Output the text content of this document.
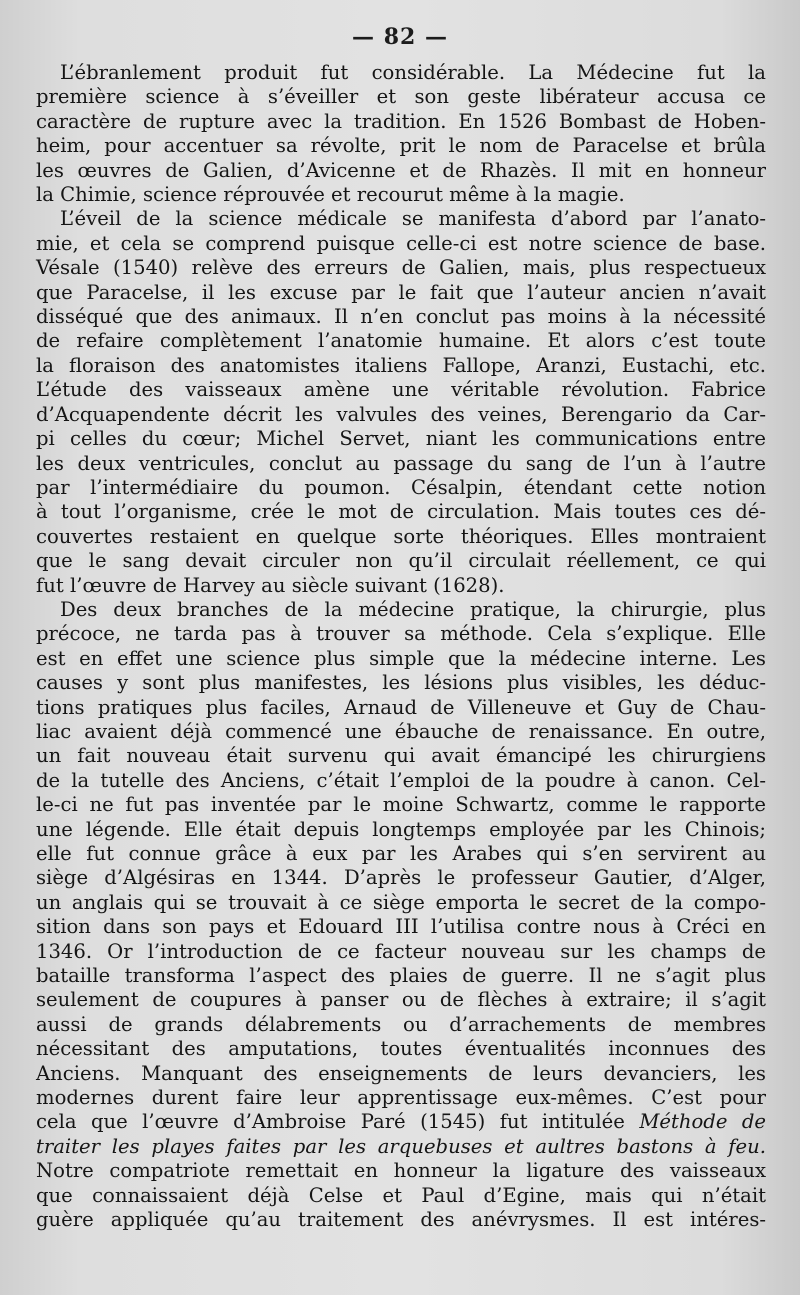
— 82 —

L’ébranlement produit fut considérable. La Médecine fut la
première science à s’éveiller et son geste libérateur accusa ce
caractère de rupture avec la tradition. En 1526 Bombast de Hoben-
heim, pour accentuer sa révolte, prit le nom de Paracelse et brûla
les œuvres de Galien, d’Avicenne et de Rhazès. Il mit en honneur
la Chimie, science réprouvée et recourut même à la magie.

L’éveil de la science médicale se manifesta d’abord par l’anato-
mie, et cela se comprend puisque celle-ci est notre science de base.
Vésale (1540) relève des erreurs de Galien, mais, plus respectueux
que Paracelse, il les excuse par le fait que l’auteur ancien n’avait
disséqué que des animaux. Il n’en conclut pas moins à la nécessité
de refaire complètement l’anatomie humaine. Et alors c’est toute
la floraison des anatomistes italiens Fallope, Aranzi, Eustachi, etc.
L’étude des vaisseaux amène une véritable révolution. Fabrice
d’Acquapendente décrit les valvules des veines, Berengario da Car-
pi celles du cœur; Michel Servet, niant les communications entre
les deux ventricules, conclut au passage du sang de l’un à l’autre
par l’intermédiaire du poumon. Césalpin, étendant cette notion
à tout l’organisme, crée le mot de circulation. Mais toutes ces dé-
couvertes restaient en quelque sorte théoriques. Elles montraient
que le sang devait circuler non qu’il circulait réellement, ce qui
fut l’œuvre de Harvey au siècle suivant (1628).

Des deux branches de la médecine pratique, la chirurgie, plus
précoce, ne tarda pas à trouver sa méthode. Cela s’explique. Elle
est en effet une science plus simple que la médecine interne. Les
causes y sont plus manifestes, les lésions plus visibles, les déduc-
tions pratiques plus faciles, Arnaud de Villeneuve et Guy de Chau-
liac avaient déjà commencé une ébauche de renaissance. En outre,
un fait nouveau était survenu qui avait émancipé les chirurgiens
de la tutelle des Anciens, c’était l’emploi de la poudre à canon. Cel-
le-ci ne fut pas inventée par le moine Schwartz, comme le rapporte
une légende. Elle était depuis longtemps employée par les Chinois;
elle fut connue grâce à eux par les Arabes qui s’en servirent au
siège d’Algésiras en 1344. D’après le professeur Gautier, d’Alger,
un anglais qui se trouvait à ce siège emporta le secret de la compo-
sition dans son pays et Edouard III l’utilisa contre nous à Créci en
1346. Or l’introduction de ce facteur nouveau sur les champs de
bataille transforma l’aspect des plaies de guerre. Il ne s’agit plus
seulement de coupures à panser ou de flèches à extraire; il s’agit
aussi de grands délabrements ou d’arrachements de membres
nécessitant des amputations, toutes éventualités inconnues des
Anciens. Manquant des enseignements de leurs devanciers, les
modernes durent faire leur apprentissage eux-mêmes. C’est pour
cela que l’œuvre d’Ambroise Paré (1545) fut intitulée Méthode de
traiter les playes faites par les arquebuses et aultres bastons à feu.
Notre compatriote remettait en honneur la ligature des vaisseaux
que connaissaient déjà Celse et Paul d’Egine, mais qui n’était
guère appliquée qu’au traitement des anévrysmes. Il est intéres-
